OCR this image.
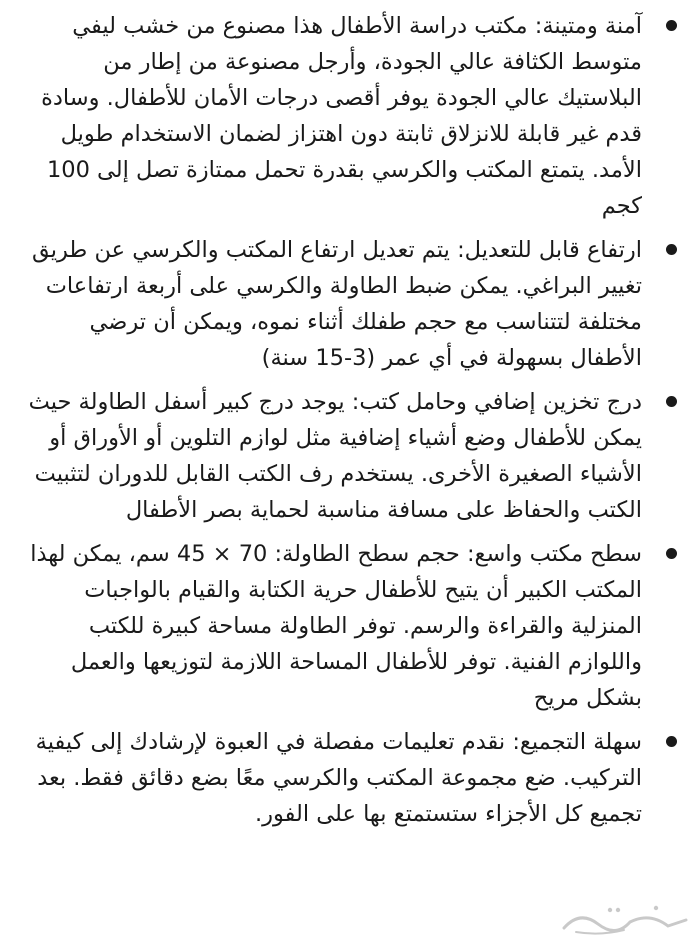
آمنة ومتينة: مكتب دراسة الأطفال هذا مصنوع من خشب ليفي متوسط الكثافة عالي الجودة، وأرجل مصنوعة من إطار من البلاستيك عالي الجودة يوفر أقصى درجات الأمان للأطفال. وسادة قدم غير قابلة للانزلاق ثابتة دون اهتزاز لضمان الاستخدام طويل الأمد. يتمتع المكتب والكرسي بقدرة تحمل ممتازة تصل إلى 100 كجم
ارتفاع قابل للتعديل: يتم تعديل ارتفاع المكتب والكرسي عن طريق تغيير البراغي. يمكن ضبط الطاولة والكرسي على أربعة ارتفاعات مختلفة لتتناسب مع حجم طفلك أثناء نموه، ويمكن أن ترضي الأطفال بسهولة في أي عمر (3-15 سنة)
درج تخزين إضافي وحامل كتب: يوجد درج كبير أسفل الطاولة حيث يمكن للأطفال وضع أشياء إضافية مثل لوازم التلوين أو الأوراق أو الأشياء الصغيرة الأخرى. يستخدم رف الكتب القابل للدوران لتثبيت الكتب والحفاظ على مسافة مناسبة لحماية بصر الأطفال
سطح مكتب واسع: حجم سطح الطاولة: 70 × 45 سم، يمكن لهذا المكتب الكبير أن يتيح للأطفال حرية الكتابة والقيام بالواجبات المنزلية والقراءة والرسم. توفر الطاولة مساحة كبيرة للكتب واللوازم الفنية. توفر للأطفال المساحة اللازمة لتوزيعها والعمل بشكل مريح
سهلة التجميع: نقدم تعليمات مفصلة في العبوة لإرشادك إلى كيفية التركيب. ضع مجموعة المكتب والكرسي معًا بضع دقائق فقط. بعد تجميع كل الأجزاء ستستمتع بها على الفور.
